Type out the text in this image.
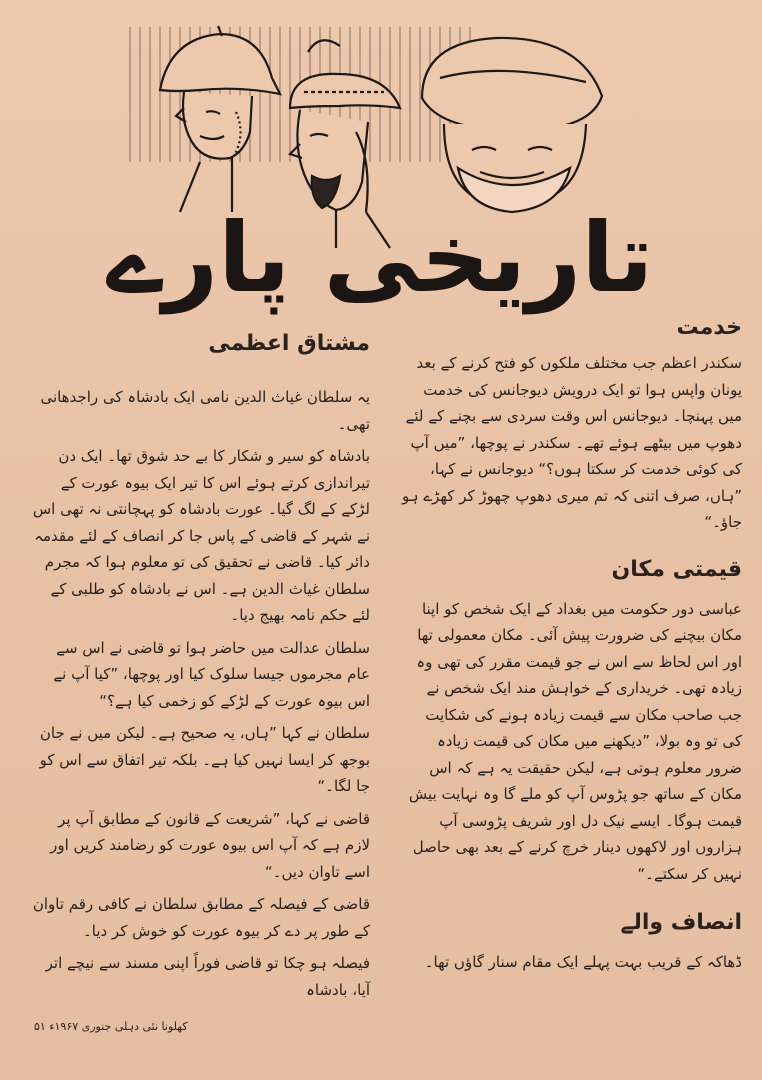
تاریخی پارے
مشتاق اعظمی

یہ سلطان غیاث الدین نامی ایک بادشاہ کی راجدھانی تھی۔

بادشاہ کو سیر و شکار کا بے حد شوق تھا۔ ایک دن تیراندازی کرتے ہوئے اس کا تیر ایک بیوہ عورت کے لڑکے کے لگ گیا۔ عورت بادشاہ کو پہچانتی نہ تھی اس نے شہر کے قاضی کے پاس جا کر انصاف کے لئے مقدمہ دائر کیا۔ قاضی نے تحقیق کی تو معلوم ہوا کہ مجرم سلطان غیاث الدین ہے۔ اس نے بادشاہ کو طلبی کے لئے حکم نامہ بھیج دیا۔

سلطان عدالت میں حاضر ہوا تو قاضی نے اس سے عام مجرموں جیسا سلوک کیا اور پوچھا، ”کیا آپ نے اس بیوہ عورت کے لڑکے کو زخمی کیا ہے؟“

سلطان نے کہا ”ہاں، یہ صحیح ہے۔ لیکن میں نے جان بوجھ کر ایسا نہیں کیا ہے۔ بلکہ تیر اتفاق سے اس کو جا لگا۔“

قاضی نے کہا، ”شریعت کے قانون کے مطابق آپ پر لازم ہے کہ آپ اس بیوہ عورت کو رضامند کریں اور اسے تاوان دیں۔“

قاضی کے فیصلہ کے مطابق سلطان نے کافی رقم تاوان کے طور پر دے کر بیوہ عورت کو خوش کر دیا۔

فیصلہ ہو چکا تو قاضی فوراً اپنی مسند سے نیچے اتر آیا، بادشاہ

خدمت

سکندر اعظم جب مختلف ملکوں کو فتح کرنے کے بعد یونان واپس ہوا تو ایک درویش دیوجانس کی خدمت میں پہنچا۔ دیوجانس اس وقت سردی سے بچنے کے لئے دھوپ میں بیٹھے ہوئے تھے۔ سکندر نے پوچھا، ”میں آپ کی کوئی خدمت کر سکتا ہوں؟“ دیوجانس نے کہا، ”ہاں، صرف اتنی کہ تم میری دھوپ چھوڑ کر کھڑے ہو جاؤ۔“

قیمتی مکان

عباسی دور حکومت میں بغداد کے ایک شخص کو اپنا مکان بیچنے کی ضرورت پیش آئی۔ مکان معمولی تھا اور اس لحاظ سے اس نے جو قیمت مقرر کی تھی وہ زیادہ تھی۔ خریداری کے خواہش مند ایک شخص نے جب صاحب مکان سے قیمت زیادہ ہونے کی شکایت کی تو وہ بولا، ”دیکھنے میں مکان کی قیمت زیادہ ضرور معلوم ہوتی ہے، لیکن حقیقت یہ ہے کہ اس مکان کے ساتھ جو پڑوس آپ کو ملے گا وہ نہایت بیش قیمت ہوگا۔ ایسے نیک دل اور شریف پڑوسی آپ ہزاروں اور لاکھوں دینار خرچ کرنے کے بعد بھی حاصل نہیں کر سکتے۔“

انصاف والے

ڈھاکہ کے قریب بہت پہلے ایک مقام سنار گاؤں تھا۔

کھلونا نئی دہلی جنوری ۱۹۶۷ء ۵۱
